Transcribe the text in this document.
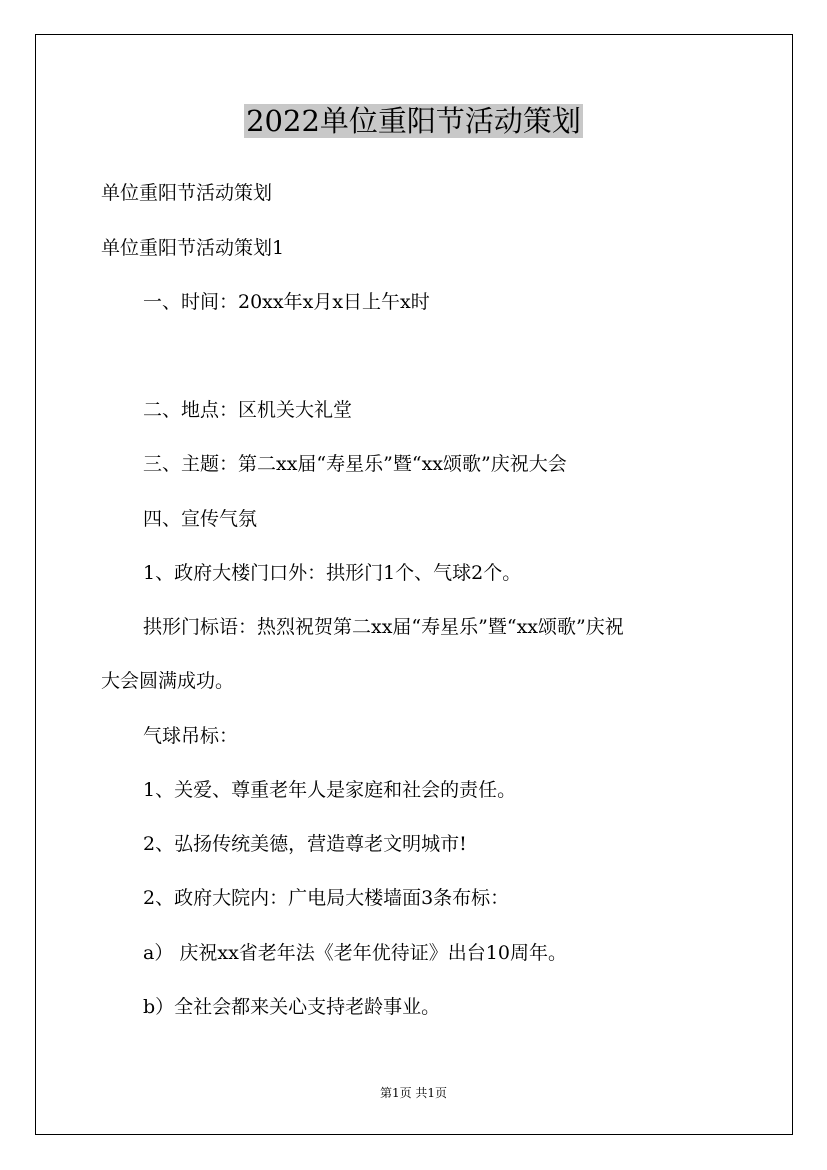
2022单位重阳节活动策划
单位重阳节活动策划
单位重阳节活动策划1
一、时间：20xx年x月x日上午x时
二、地点：区机关大礼堂
三、主题：第二xx届“寿星乐”暨“xx颂歌”庆祝大会
四、宣传气氛
1、政府大楼门口外：拱形门1个、气球2个。
拱形门标语：热烈祝贺第二xx届“寿星乐”暨“xx颂歌”庆祝
大会圆满成功。
气球吊标：
1、关爱、尊重老年人是家庭和社会的责任。
2、弘扬传统美德，营造尊老文明城市!
2、政府大院内：广电局大楼墙面3条布标：
a） 庆祝xx省老年法《老年优待证》出台10周年。
b）全社会都来关心支持老龄事业。
第1页 共1页
